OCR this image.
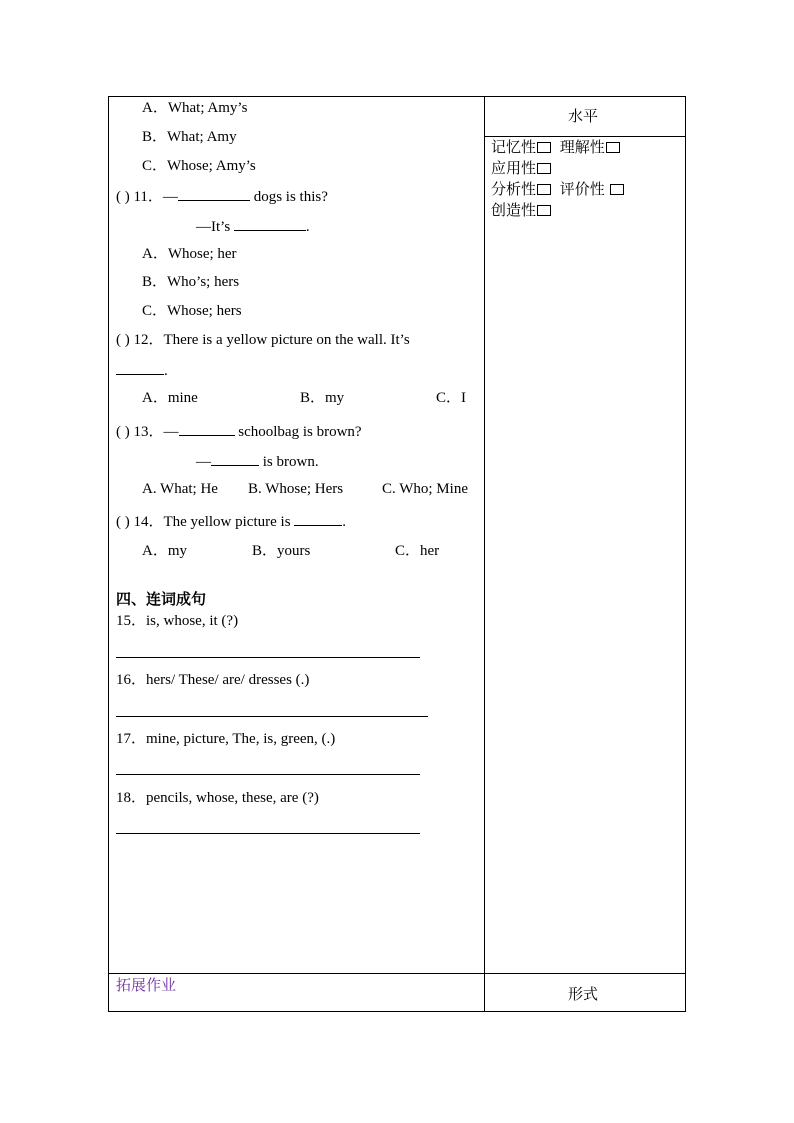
A．What; Amy’s
B．What; Amy
C．Whose; Amy’s
( ) 11．—	dogs is this?
—It’s	.
A．Whose; her
B．Who’s; hers
C．Whose; hers
( ) 12．There is a yellow picture on the wall. It’s
.
A．mine	B．my	C．I
( ) 13．—	schoolbag is brown?
—	is brown.
A. What; He B. Whose; Hers	C. Who; Mine
( ) 14．The yellow picture is	.
A．my	B．yours	C．her
四、连词成句
15．is, whose, it (?)
16．hers/ These/ are/ dresses (.)
17．mine, picture, The, is, green, (.)
18．pencils, whose, these, are (?)
水平
记忆性 理解性
应用性
分析性 评价性
创造性
拓展作业	形式
